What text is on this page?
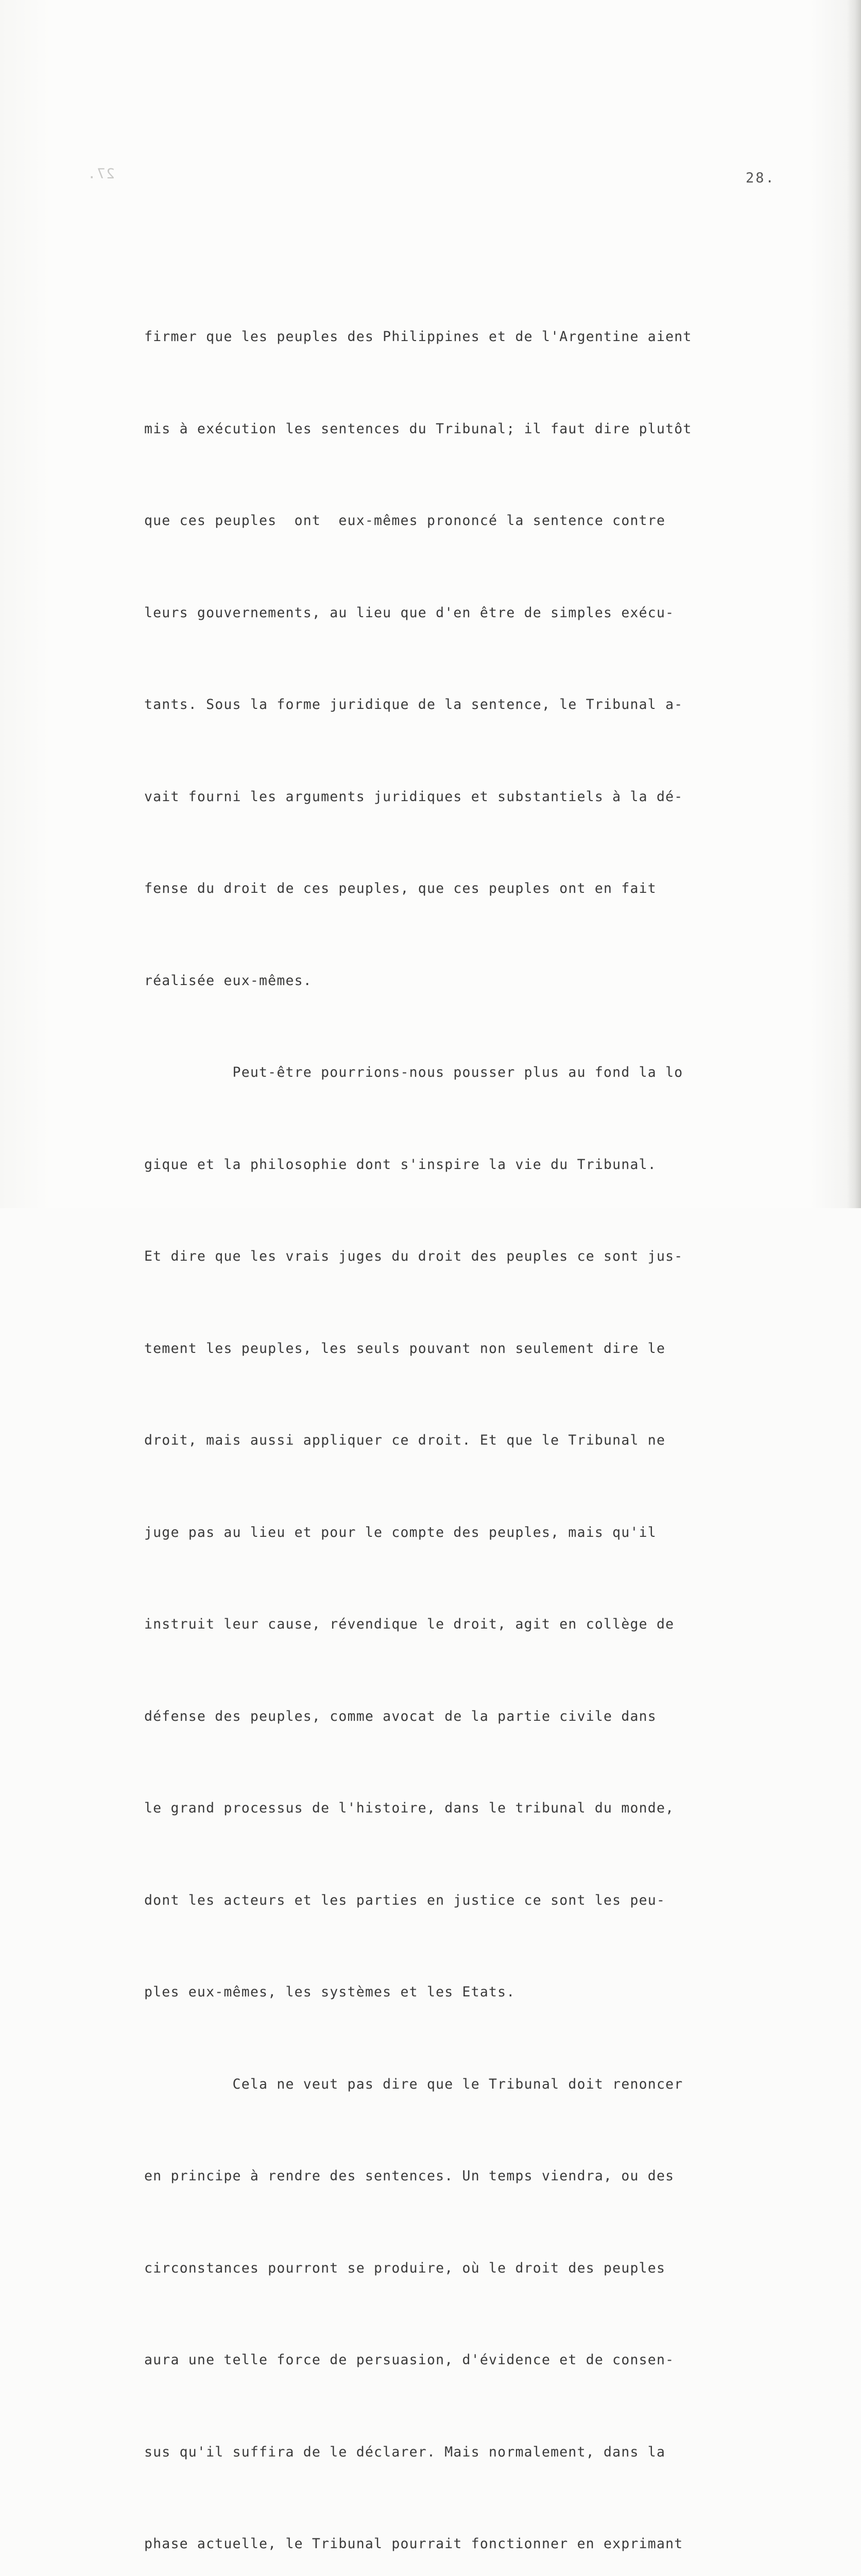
27.	28.

firmer que les peuples des Philippines et de l'Argentine aient

mis à exécution les sentences du Tribunal; il faut dire plutôt

que ces peuples  ont  eux-mêmes prononcé la sentence contre

leurs gouvernements, au lieu que d'en être de simples exécu-

tants. Sous la forme juridique de la sentence, le Tribunal a-

vait fourni les arguments juridiques et substantiels à la dé-

fense du droit de ces peuples, que ces peuples ont en fait

réalisée eux-mêmes.

Peut-être pourrions-nous pousser plus au fond la lo

gique et la philosophie dont s'inspire la vie du Tribunal.

Et dire que les vrais juges du droit des peuples ce sont jus-

tement les peuples, les seuls pouvant non seulement dire le

droit, mais aussi appliquer ce droit. Et que le Tribunal ne

juge pas au lieu et pour le compte des peuples, mais qu'il

instruit leur cause, révendique le droit, agit en collège de

défense des peuples, comme avocat de la partie civile dans

le grand processus de l'histoire, dans le tribunal du monde,

dont les acteurs et les parties en justice ce sont les peu-

ples eux-mêmes, les systèmes et les Etats.

Cela ne veut pas dire que le Tribunal doit renoncer

en principe à rendre des sentences. Un temps viendra, ou des

circonstances pourront se produire, où le droit des peuples

aura une telle force de persuasion, d'évidence et de consen-

sus qu'il suffira de le déclarer. Mais normalement, dans la

phase actuelle, le Tribunal pourrait fonctionner en exprimant
